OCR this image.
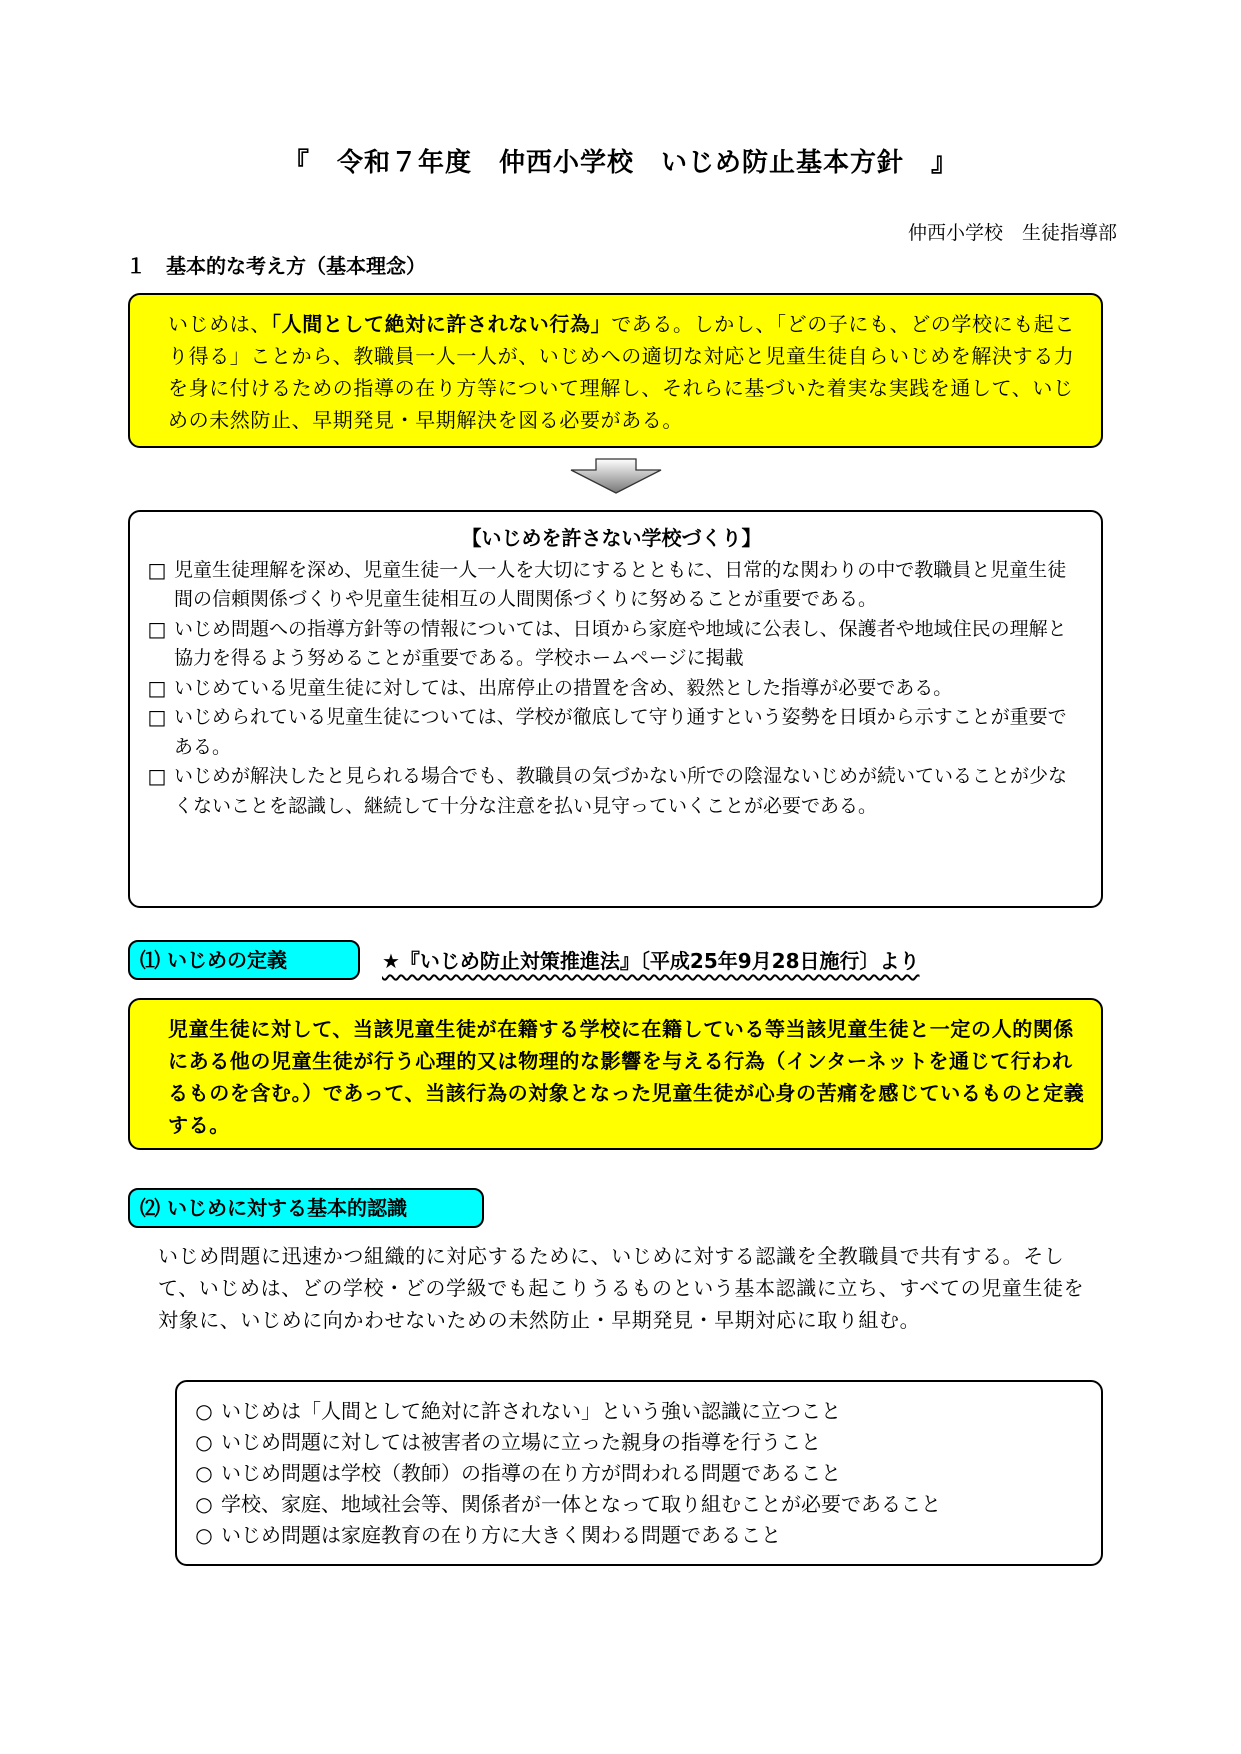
『　令和７年度　仲西小学校　いじめ防止基本方針　』
仲西小学校　生徒指導部
１　基本的な考え方（基本理念）
いじめは、「人間として絶対に許されない行為」である。しかし、「どの子にも、どの学校にも起こり得る」ことから、教職員一人一人が、いじめへの適切な対応と児童生徒自らいじめを解決する力を身に付けるための指導の在り方等について理解し、それらに基づいた着実な実践を通して、いじめの未然防止、早期発見・早期解決を図る必要がある。
【いじめを許さない学校づくり】
□ 児童生徒理解を深め、児童生徒一人一人を大切にするとともに、日常的な関わりの中で教職員と児童生徒間の信頼関係づくりや児童生徒相互の人間関係づくりに努めることが重要である。
□ いじめ問題への指導方針等の情報については、日頃から家庭や地域に公表し、保護者や地域住民の理解と協力を得るよう努めることが重要である。学校ホームページに掲載
□ いじめている児童生徒に対しては、出席停止の措置を含め、毅然とした指導が必要である。
□ いじめられている児童生徒については、学校が徹底して守り通すという姿勢を日頃から示すことが重要である。
□ いじめが解決したと見られる場合でも、教職員の気づかない所での陰湿ないじめが続いていることが少なくないことを認識し、継続して十分な注意を払い見守っていくことが必要である。
⑴ いじめの定義	★『いじめ防止対策推進法』〔平成25年9月28日施行〕より
児童生徒に対して、当該児童生徒が在籍する学校に在籍している等当該児童生徒と一定の人的関係にある他の児童生徒が行う心理的又は物理的な影響を与える行為（インターネットを通じて行われるものを含む。）であって、当該行為の対象となった児童生徒が心身の苦痛を感じているものと定義する。
⑵ いじめに対する基本的認識
いじめ問題に迅速かつ組織的に対応するために、いじめに対する認識を全教職員で共有する。そして、いじめは、どの学校・どの学級でも起こりうるものという基本認識に立ち、すべての児童生徒を対象に、いじめに向かわせないための未然防止・早期発見・早期対応に取り組む。
○ いじめは「人間として絶対に許されない」という強い認識に立つこと
○ いじめ問題に対しては被害者の立場に立った親身の指導を行うこと
○ いじめ問題は学校（教師）の指導の在り方が問われる問題であること
○ 学校、家庭、地域社会等、関係者が一体となって取り組むことが必要であること
○ いじめ問題は家庭教育の在り方に大きく関わる問題であること
